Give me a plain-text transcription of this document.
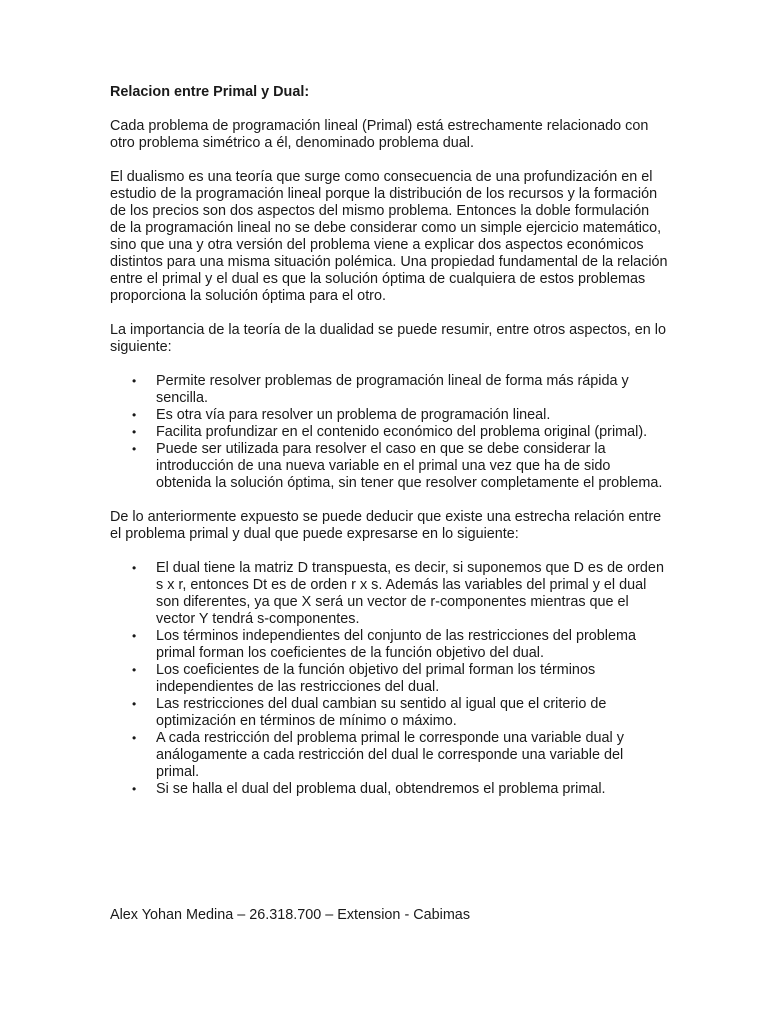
Relacion entre Primal y Dual:

Cada problema de programación lineal (Primal) está estrechamente relacionado con otro problema simétrico a él, denominado problema dual.

El dualismo es una teoría que surge como consecuencia de una profundización en el estudio de la programación lineal porque la distribución de los recursos y la formación de los precios son dos aspectos del mismo problema. Entonces la doble formulación de la programación lineal no se debe considerar como un simple ejercicio matemático, sino que una y otra versión del problema viene a explicar dos aspectos económicos distintos para una misma situación polémica. Una propiedad fundamental de la relación entre el primal y el dual es que la solución óptima de cualquiera de estos problemas proporciona la solución óptima para el otro.

La importancia de la teoría de la dualidad se puede resumir, entre otros aspectos, en lo siguiente:

• Permite resolver problemas de programación lineal de forma más rápida y sencilla.
• Es otra vía para resolver un problema de programación lineal.
• Facilita profundizar en el contenido económico del problema original (primal).
• Puede ser utilizada para resolver el caso en que se debe considerar la introducción de una nueva variable en el primal una vez que ha de sido obtenida la solución óptima, sin tener que resolver completamente el problema.

De lo anteriormente expuesto se puede deducir que existe una estrecha relación entre el problema primal y dual que puede expresarse en lo siguiente:

• El dual tiene la matriz D transpuesta, es decir, si suponemos que D es de orden s x r, entonces Dt es de orden r x s. Además las variables del primal y el dual son diferentes, ya que X será un vector de r-componentes mientras que el vector Y tendrá s-componentes.
• Los términos independientes del conjunto de las restricciones del problema primal forman los coeficientes de la función objetivo del dual.
• Los coeficientes de la función objetivo del primal forman los términos independientes de las restricciones del dual.
• Las restricciones del dual cambian su sentido al igual que el criterio de optimización en términos de mínimo o máximo.
• A cada restricción del problema primal le corresponde una variable dual y análogamente a cada restricción del dual le corresponde una variable del primal.
• Si se halla el dual del problema dual, obtendremos el problema primal.

Alex Yohan Medina – 26.318.700 – Extension - Cabimas
